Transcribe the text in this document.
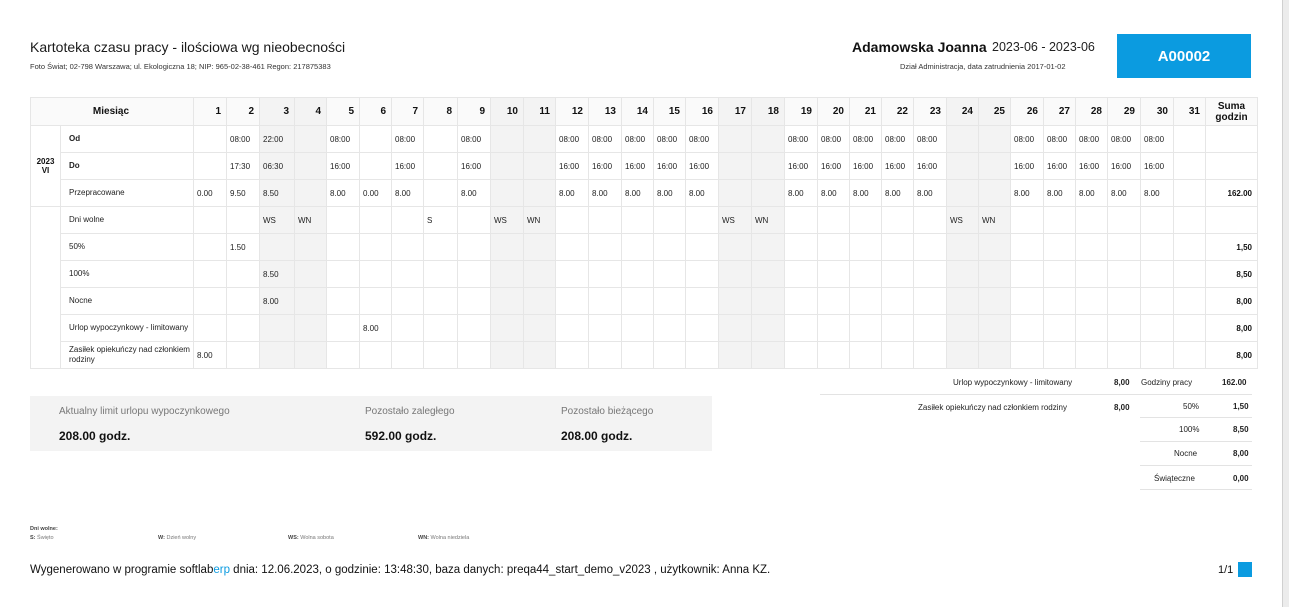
Kartoteka czasu pracy - ilościowa wg nieobecności
Foto Świat; 02-798 Warszawa; ul. Ekologiczna 18; NIP: 965-02-38-461 Regon: 217875383
Adamowska Joanna 2023-06 - 2023-06
Dział Administracja, data zatrudnienia 2017-01-02
A00002
Miesiąc		1	2	3	4	5	6	7	8	9	10	11	12	13	14	15	16	17	18	19	20	21	22	23	24	25	26	27	28	29	30	31	Suma
godzin

2023
VI	Od		08:00	22:00		08:00		08:00		08:00			08:00	08:00	08:00	08:00	08:00			08:00	08:00	08:00	08:00	08:00			08:00	08:00	08:00	08:00	08:00		
	Do		17:30	06:30		16:00		16:00		16:00			16:00	16:00	16:00	16:00	16:00			16:00	16:00	16:00	16:00	16:00			16:00	16:00	16:00	16:00	16:00		
	Przepracowane	0.00	9.50	8.50		8.00	0.00	8.00		8.00			8.00	8.00	8.00	8.00	8.00			8.00	8.00	8.00	8.00	8.00			8.00	8.00	8.00	8.00	8.00		162.00
	Dni wolne			WS	WN				S		WS	WN						WS	WN						WS	WN							
	50%		1.50																														1,50
	100%			8.50																													8,50
	Nocne			8.00																													8,00
	Urlop wypoczynkowy - limitowany						8.00																										8,00
	Zasiłek opiekuńczy nad członkiem rodziny	8.00																															8,00
Aktualny limit urlopu wypoczynkowego
208.00 godz.
Pozostało zaległego
592.00 godz.
Pozostało bieżącego
208.00 godz.
Urlop wypoczynkowy - limitowany	8,00
Zasiłek opiekuńczy nad członkiem rodziny	8,00
Godziny pracy	162.00
50%	1,50
100%	8,50
Nocne	8,00
Świąteczne	0,00
Dni wolne:
S: Święto	W: Dzień wolny	WS: Wolna sobota	WN: Wolna niedziela
Wygenerowano w programie softlaberp dnia: 12.06.2023, o godzinie: 13:48:30, baza danych: preqa44_start_demo_v2023 , użytkownik: Anna KZ.	1/1
